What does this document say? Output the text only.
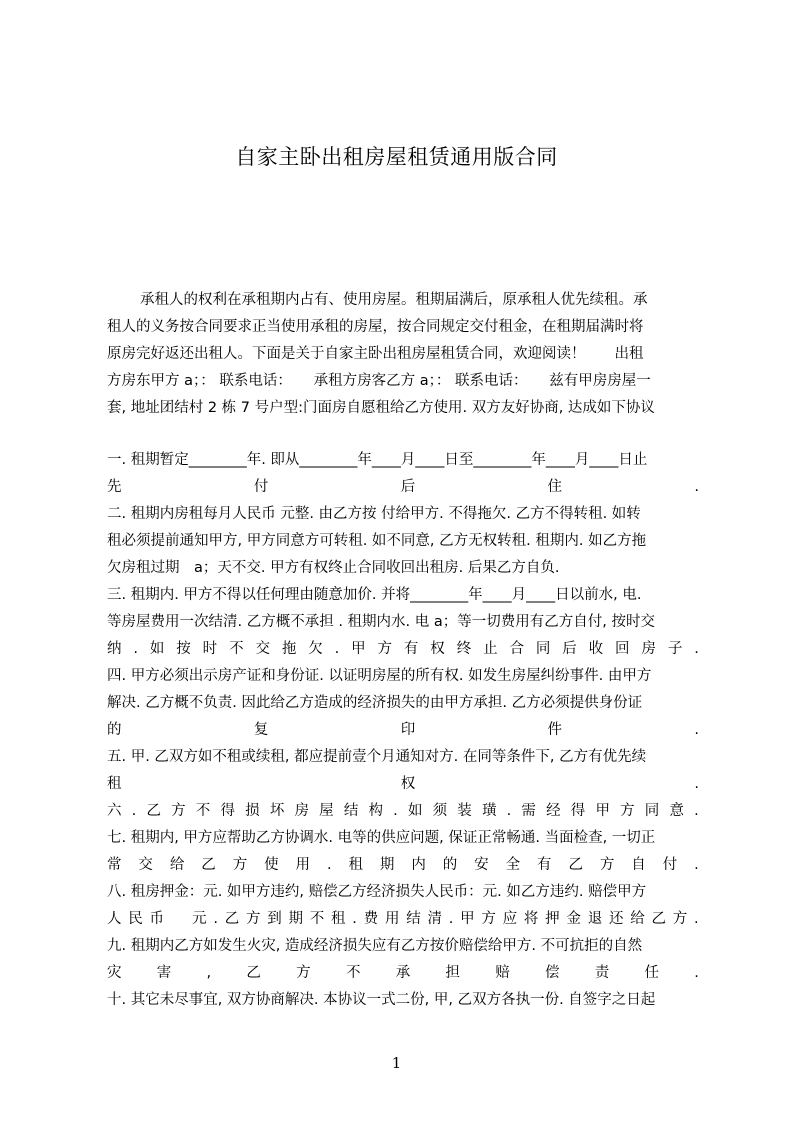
自家主卧出租房屋租赁通用版合同
承租人的权利在承租期内占有、使用房屋。租期届满后，原承租人优先续租。承
租人的义务按合同要求正当使用承租的房屋，按合同规定交付租金，在租期届满时将
原房完好返还出租人。下面是关于自家主卧出租房屋租赁合同，欢迎阅读！　　出租
方房东甲方 a；： 联系电话：　　承租方房客乙方 a；： 联系电话：　　兹有甲房房屋一
套, 地址团结村 2 栋 7 号户型:门面房自愿租给乙方使用. 双方友好协商, 达成如下协议
一. 租期暂定________年. 即从________年____月____日至________年____月____日止
先	付	后	住	.
二. 租期内房租每月人民币 元整. 由乙方按 付给甲方. 不得拖欠. 乙方不得转租. 如转
租必须提前通知甲方, 甲方同意方可转租. 如不同意, 乙方无权转租. 租期内. 如乙方拖
欠房租过期　a；天不交. 甲方有权终止合同收回出租房. 后果乙方自负.
三. 租期内. 甲方不得以任何理由随意加价. 并将________年____月____日以前水, 电.
等房屋费用一次结清. 乙方概不承担 . 租期内水. 电 a；等一切费用有乙方自付, 按时交
纳 . 如 按 时 不 交 拖 欠 . 甲 方 有 权 终 止 合 同 后 收 回 房 子 .
四. 甲方必须出示房产证和身份证. 以证明房屋的所有权. 如发生房屋纠纷事件. 由甲方
解决. 乙方概不负责. 因此给乙方造成的经济损失的由甲方承担. 乙方必须提供身份证
的	复	印	件	.
五. 甲. 乙双方如不租或续租, 都应提前壹个月通知对方. 在同等条件下, 乙方有优先续
租	权	.
六 . 乙 方 不 得 损 坏 房 屋 结 构 . 如 须 装 璜 . 需 经 得 甲 方 同 意 .
七. 租期内, 甲方应帮助乙方协调水. 电等的供应问题, 保证正常畅通. 当面检查, 一切正
常 交 给 乙 方 使 用 . 租 期 内 的 安 全 有 乙 方 自 付 .
八. 租房押金：元. 如甲方违约, 赔偿乙方经济损失人民币：元. 如乙方违约. 赔偿甲方
人 民 币
　 元 . 乙 方 到 期 不 租 . 费 用 结 清 . 甲 方 应 将 押 金 退 还 给 乙 方 .
九. 租期内乙方如发生火灾, 造成经济损失应有乙方按价赔偿给甲方. 不可抗拒的自然
灾 害 , 乙 方 不 承 担 赔 偿 责 任 .
十. 其它未尽事宜, 双方协商解决. 本协议一式二份, 甲, 乙双方各执一份. 自签字之日起
1
